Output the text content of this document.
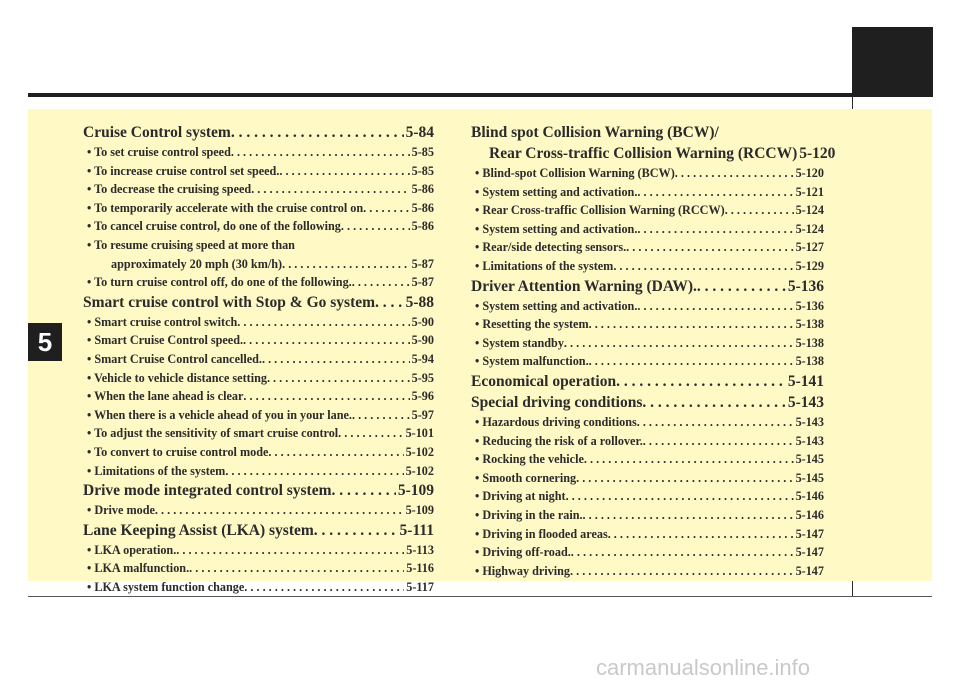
5
Cruise Control system . . .	5-84
• To set cruise control speed . . .	5-85
• To increase cruise control set speed. . . .	5-85
• To decrease the cruising speed . . .	5-86
• To temporarily accelerate with the cruise control on . . .	5-86
• To cancel cruise control, do one of the following . . .	5-86
• To resume cruising speed at more than
approximately 20 mph (30 km/h) . . .	5-87
• To turn cruise control off, do one of the following. . . .	5-87
Smart cruise control with Stop & Go system . . . 5-88
• Smart cruise control switch . . .	5-90
• Smart Cruise Control speed. . . .	5-90
• Smart Cruise Control cancelled. . . .	5-94
• Vehicle to vehicle distance setting . . .	5-95
• When the lane ahead is clear . . .	5-96
• When there is a vehicle ahead of you in your lane. . . .	5-97
• To adjust the sensitivity of smart cruise control . . .	5-101
• To convert to cruise control mode . . .	5-102
• Limitations of the system . . .	5-102
Drive mode integrated control system . . .	5-109
• Drive mode . . .	5-109
Lane Keeping Assist (LKA) system . . .	5-111
• LKA operation. . . .	5-113
• LKA malfunction. . . .	5-116
• LKA system function change . . .	5-117
Blind spot Collision Warning (BCW)/
Rear Cross-traffic Collision Warning (RCCW) 5-120
• Blind-spot Collision Warning (BCW) . . .	5-120
• System setting and activation. . . .	5-121
• Rear Cross-traffic Collision Warning (RCCW) . . .	5-124
• System setting and activation. . . .	5-124
• Rear/side detecting sensors. . . .	5-127
• Limitations of the system . . .	5-129
Driver Attention Warning (DAW). . . .	5-136
• System setting and activation. . . .	5-136
• Resetting the system . . .	5-138
• System standby . . .	5-138
• System malfunction. . . .	5-138
Economical operation . . .	5-141
Special driving conditions . . .	5-143
• Hazardous driving conditions . . .	5-143
• Reducing the risk of a rollover. . . .	5-143
• Rocking the vehicle . . .	5-145
• Smooth cornering . . .	5-145
• Driving at night . . .	5-146
• Driving in the rain. . . .	5-146
• Driving in flooded areas . . .	5-147
• Driving off-road. . . .	5-147
• Highway driving . . .	5-147
carmanualsonline.info
